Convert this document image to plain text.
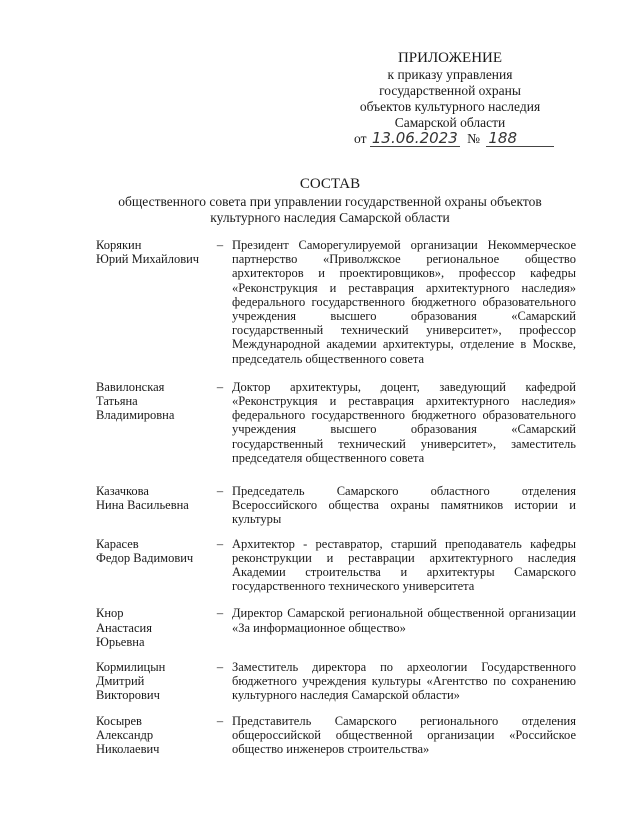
ПРИЛОЖЕНИЕ
к приказу управления
государственной охраны
объектов культурного наследия
Самарской области
от 13.06.2023 № 188
СОСТАВ
общественного совета при управлении государственной охраны объектов
культурного наследия Самарской области
Корякин
Юрий Михайлович
– Президент Саморегулируемой организации Некоммерческое партнерство «Приволжское региональное общество архитекторов и проектировщиков», профессор кафедры «Реконструкция и реставрация архитектурного наследия» федерального государственного бюджетного образовательного учреждения высшего образования «Самарский государственный технический университет», профессор Международной академии архитектуры, отделение в Москве, председатель общественного совета
Вавилонская
Татьяна
Владимировна
– Доктор архитектуры, доцент, заведующий кафедрой «Реконструкция и реставрация архитектурного наследия» федерального государственного бюджетного образовательного учреждения высшего образования «Самарский государственный технический университет», заместитель председателя общественного совета
Казачкова
Нина Васильевна
– Председатель Самарского областного отделения Всероссийского общества охраны памятников истории и культуры
Карасев
Федор Вадимович
– Архитектор - реставратор, старший преподаватель кафедры реконструкции и реставрации архитектурного наследия Академии строительства и архитектуры Самарского государственного технического университета
Кнор
Анастасия
Юрьевна
– Директор Самарской региональной общественной организации «За информационное общество»
Кормилицын
Дмитрий
Викторович
– Заместитель директора по археологии Государственного бюджетного учреждения культуры «Агентство по сохранению культурного наследия Самарской области»
Косырев
Александр
Николаевич
– Представитель Самарского регионального отделения общероссийской общественной организации «Российское общество инженеров строительства»
